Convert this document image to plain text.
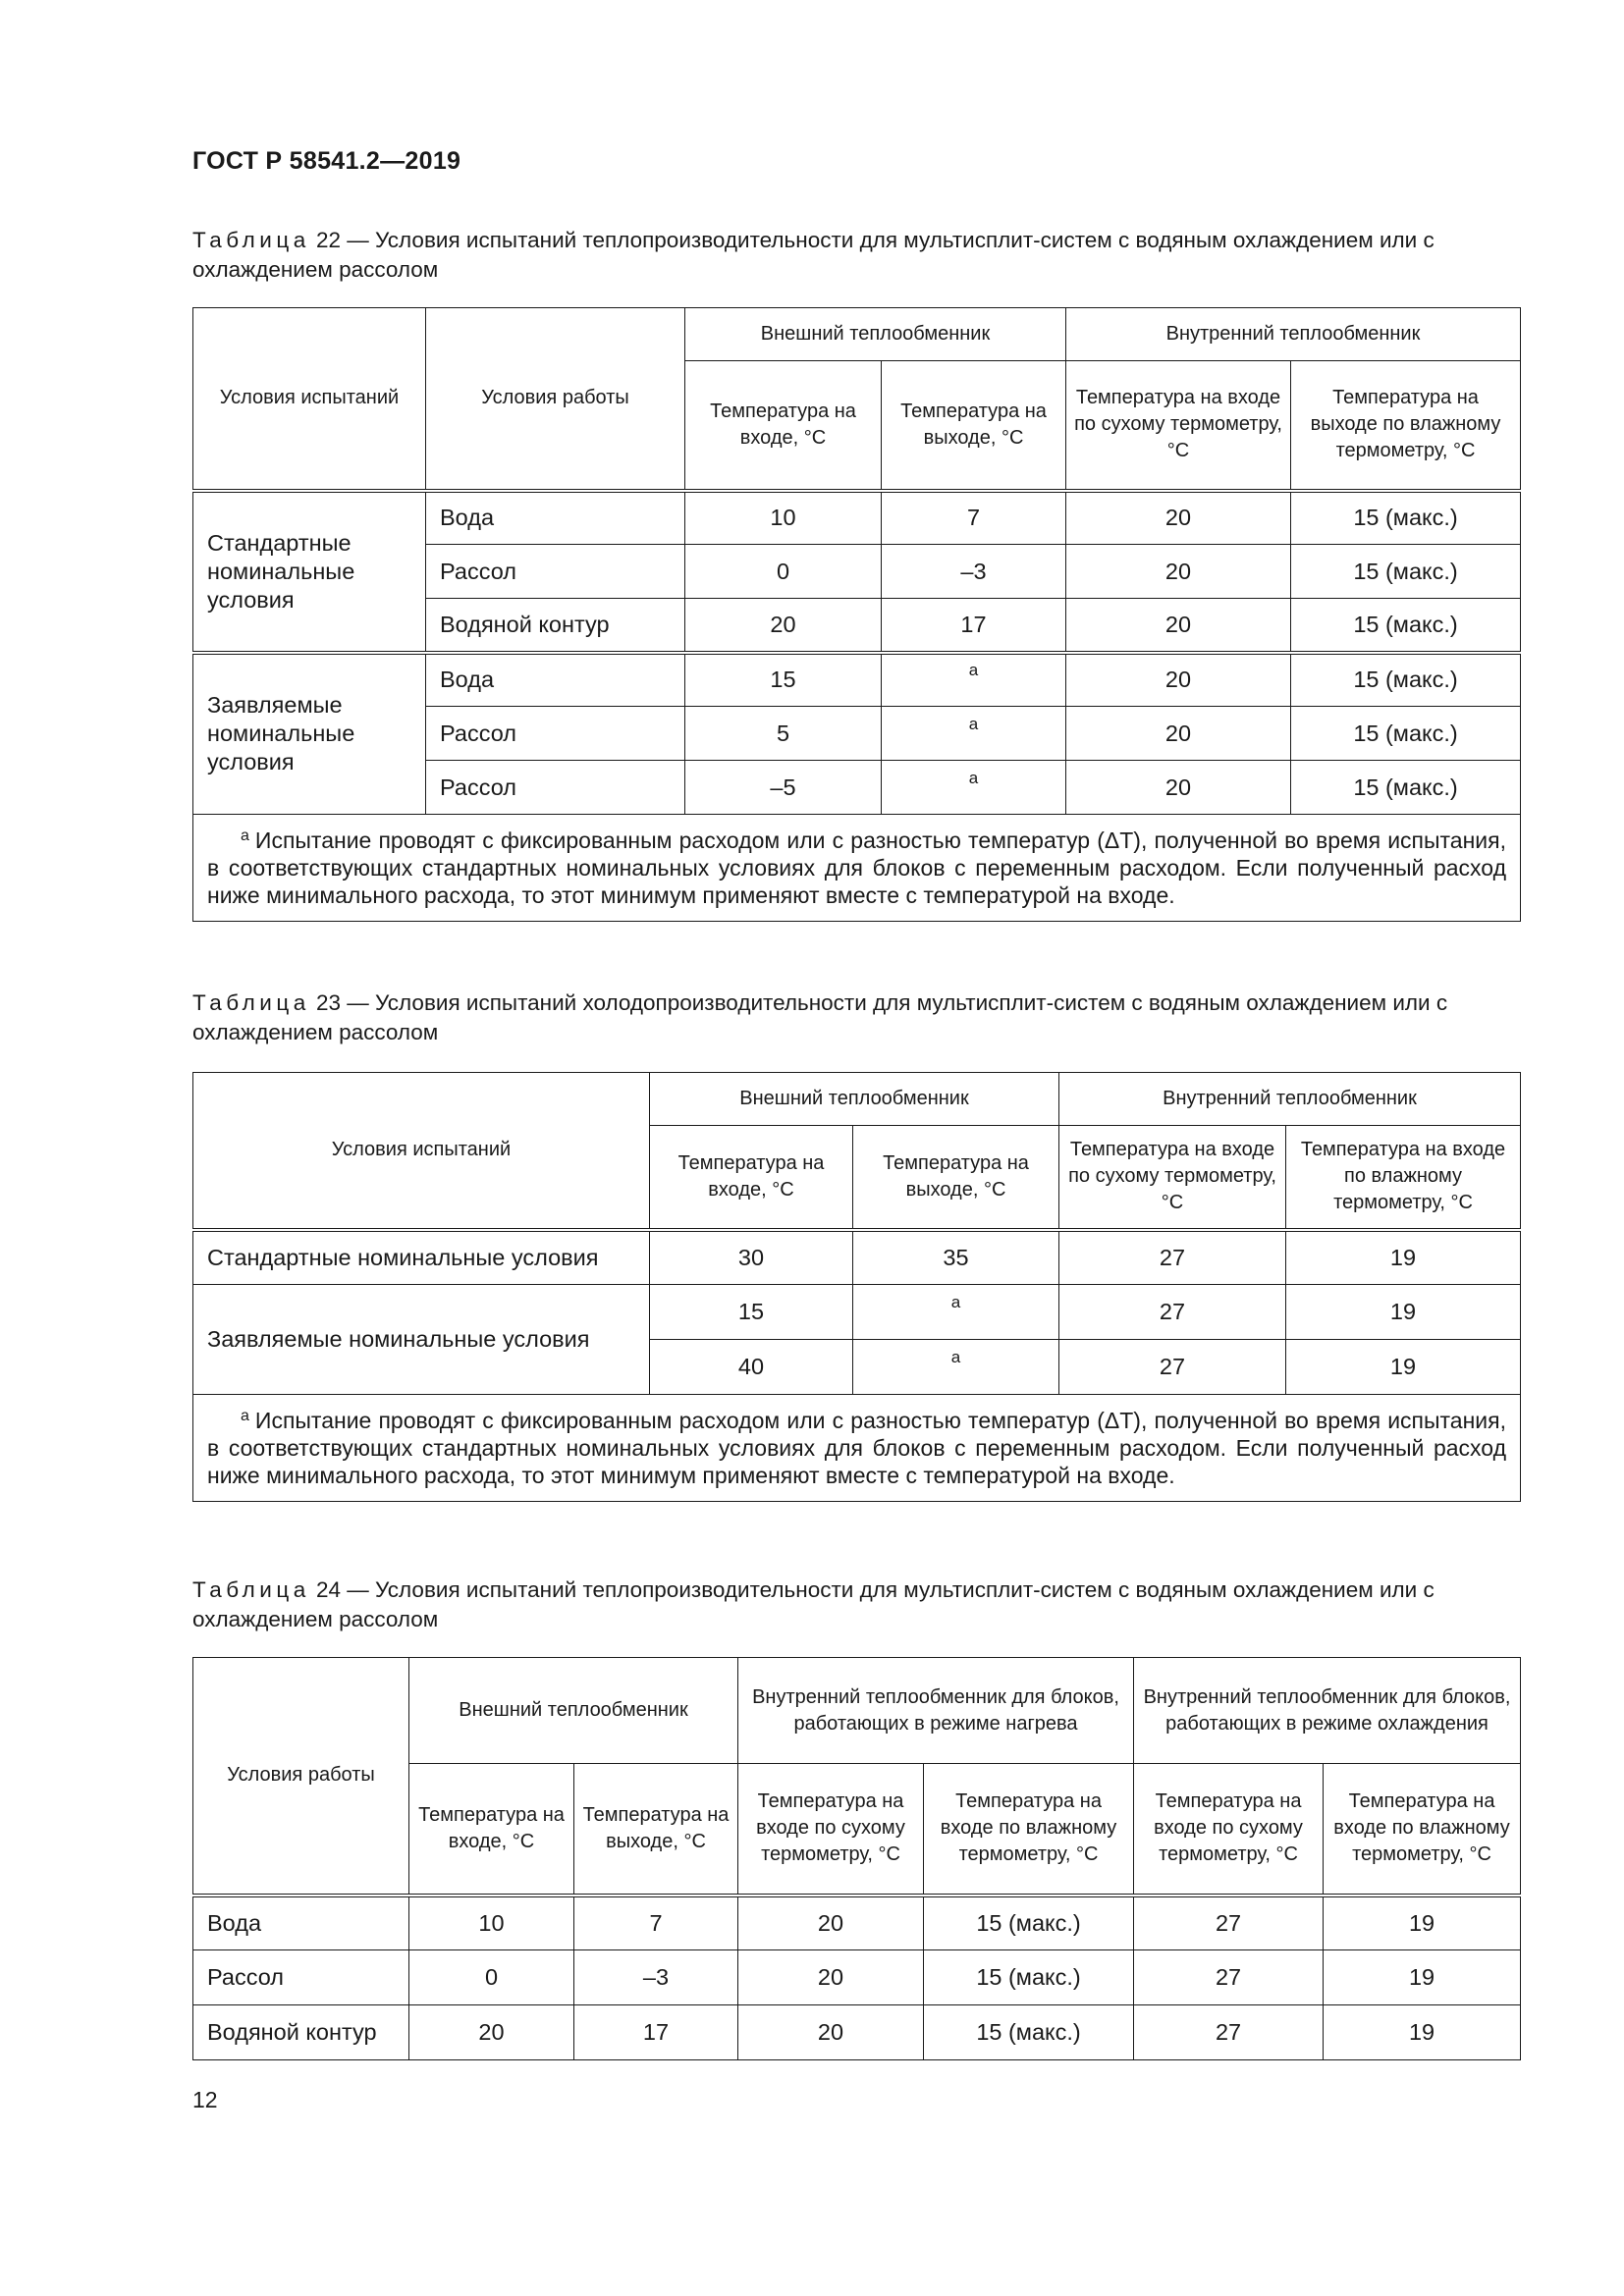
ГОСТ Р 58541.2—2019
Таблица 22 — Условия испытаний теплопроизводительности для мультисплит-систем с водяным охлаждением или с охлаждением рассолом
Условия испытаний	Условия работы	Внешний теплообменник		Внутренний теплообменник	
		Температура на входе, °С	Температура на выходе, °С	Температура на входе по сухому термометру, °С	Температура на выходе по влажному термометру, °С
Стандартные номинальные условия	Вода	10	7	20	15 (макс.)
	Рассол	0	–3	20	15 (макс.)
	Водяной контур	20	17	20	15 (макс.)
Заявляемые номинальные условия	Вода	15	$^а$	20	15 (макс.)
	Рассол	5	$^а$	20	15 (макс.)
	Рассол	–5	$^а$	20	15 (макс.)
$^а$ Испытание проводят с фиксированным расходом или с разностью температур (ΔT), полученной во время испытания, в соответствующих стандартных номинальных условиях для блоков с переменным расходом. Если полученный расход ниже минимального расхода, то этот минимум применяют вместе с температурой на входе.					
Таблица 23 — Условия испытаний холодопроизводительности для мультисплит-систем с водяным охлаждением или с охлаждением рассолом
Условия испытаний	Внешний теплообменник		Внутренний теплообменник	
	Температура на входе, °С	Температура на выходе, °С	Температура на входе по сухому термометру, °С	Температура на входе по влажному термометру, °С
Стандартные номинальные условия	30	35	27	19
Заявляемые номинальные условия	15	$^а$	27	19
	40	$^а$	27	19
$^а$ Испытание проводят с фиксированным расходом или с разностью температур (ΔT), полученной во время испытания, в соответствующих стандартных номинальных условиях для блоков с переменным расходом. Если полученный расход ниже минимального расхода, то этот минимум применяют вместе с температурой на входе.				
Таблица 24 — Условия испытаний теплопроизводительности для мультисплит-систем с водяным охлаждением или с охлаждением рассолом
Условия работы	Внешний теплообменник		Внутренний теплообменник для блоков, работающих в режиме нагрева		Внутренний теплообменник для блоков, работающих в режиме охлаждения	
	Температура на входе, °С	Температура на выходе, °С	Температура на входе по сухому термометру, °С	Температура на входе по влажному термометру, °С	Температура на входе по сухому термометру, °С	Температура на входе по влажному термометру, °С
Вода	10	7	20	15 (макс.)	27	19
Рассол	0	–3	20	15 (макс.)	27	19
Водяной контур	20	17	20	15 (макс.)	27	19
12
